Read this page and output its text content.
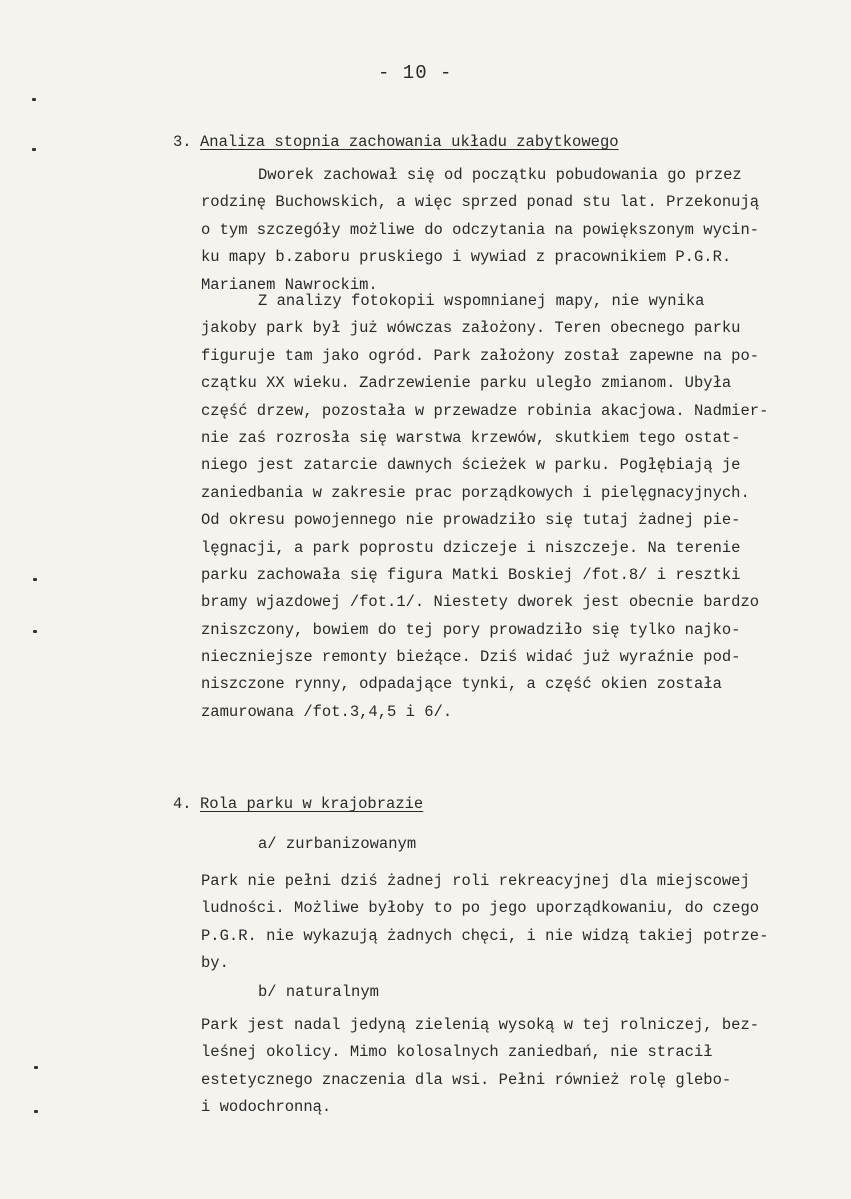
- 10 -
3. Analiza stopnia zachowania układu zabytkowego
Dworek zachował się od początku pobudowania go przez
rodzinę Buchowskich, a więc sprzed ponad stu lat. Przekonują
o tym szczegóły możliwe do odczytania na powiększonym wycin-
ku mapy b.zaboru pruskiego i wywiad z pracownikiem P.G.R.
Marianem Nawrockim.
Z analizy fotokopii wspomnianej mapy, nie wynika
jakoby park był już wówczas założony. Teren obecnego parku
figuruje tam jako ogród. Park założony został zapewne na po-
czątku XX wieku. Zadrzewienie parku uległo zmianom. Ubyła
część drzew, pozostała w przewadze robinia akacjowa. Nadmier-
nie zaś rozrosła się warstwa krzewów, skutkiem tego ostat-
niego jest zatarcie dawnych ścieżek w parku. Pogłębiają je
zaniedbania w zakresie prac porządkowych i pielęgnacyjnych.
Od okresu powojennego nie prowadziło się tutaj żadnej pie-
lęgnacji, a park poprostu dziczeje i niszczeje. Na terenie
parku zachowała się figura Matki Boskiej /fot.8/ i resztki
bramy wjazdowej /fot.1/. Niestety dworek jest obecnie bardzo
zniszczony, bowiem do tej pory prowadziło się tylko najko-
nieczniejsze remonty bieżące. Dziś widać już wyraźnie pod-
niszczone rynny, odpadające tynki, a część okien została
zamurowana /fot.3,4,5 i 6/.
4. Rola parku w krajobrazie
a/ zurbanizowanym
Park nie pełni dziś żadnej roli rekreacyjnej dla miejscowej
ludności. Możliwe byłoby to po jego uporządkowaniu, do czego
P.G.R. nie wykazują żadnych chęci, i nie widzą takiej potrze-
by.
b/ naturalnym
Park jest nadal jedyną zielenią wysoką w tej rolniczej, bez-
leśnej okolicy. Mimo kolosalnych zaniedbań, nie stracił
estetycznego znaczenia dla wsi. Pełni również rolę glebo-
i wodochronną.
